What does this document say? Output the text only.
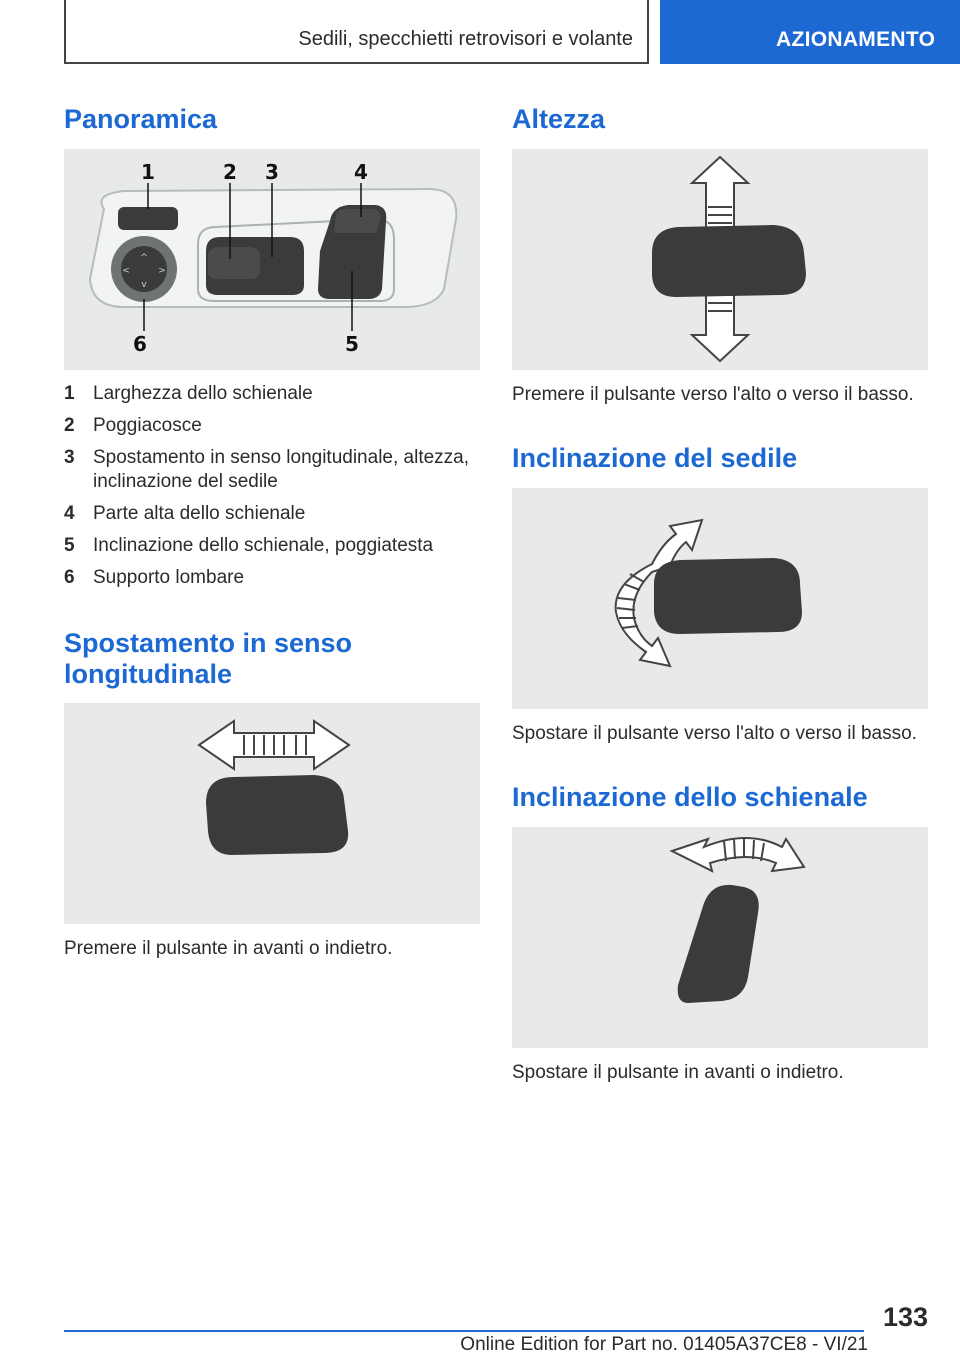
Sedili, specchietti retrovisori e volante	AZIONAMENTO
Panoramica
^
v
<	>
1	2 3	4
5
6
1 Larghezza dello schienale
2 Poggiacosce
3 Spostamento in senso longitudinale, altezza, inclinazione del sedile
4 Parte alta dello schienale
5 Inclinazione dello schienale, poggiatesta
6 Supporto lombare
Spostamento in senso longitudinale
Premere il pulsante in avanti o indietro.
Altezza
Premere il pulsante verso l'alto o verso il basso.
Inclinazione del sedile
Spostare il pulsante verso l'alto o verso il basso.
Inclinazione dello schienale
Spostare il pulsante in avanti o indietro.
133
Online Edition for Part no. 01405A37CE8 - VI/21
